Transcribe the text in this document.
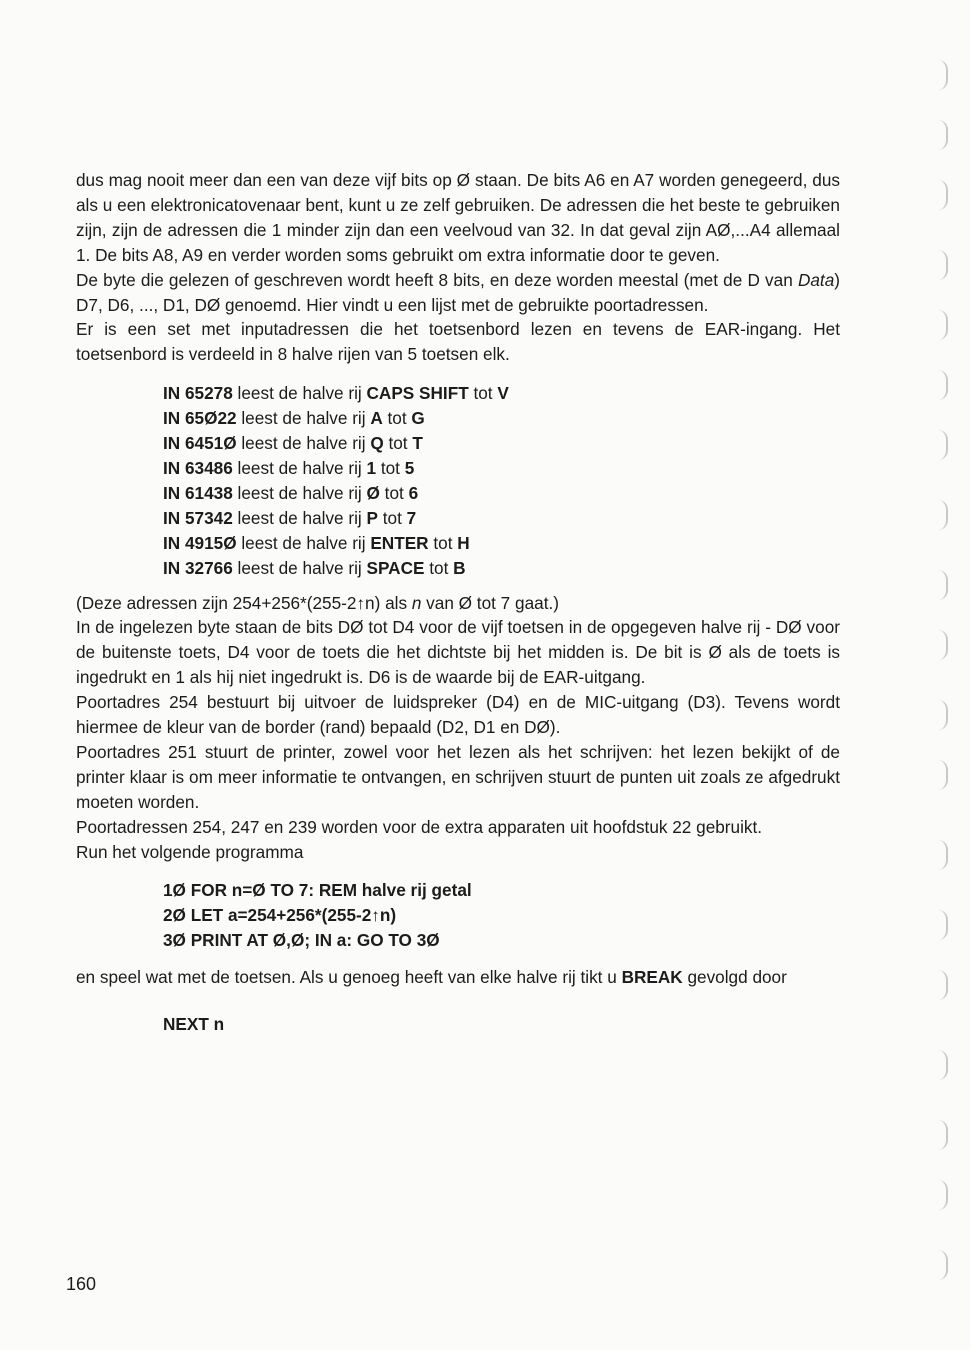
dus mag nooit meer dan een van deze vijf bits op Ø staan. De bits A6 en A7 worden genegeerd, dus als u een elektronicatovenaar bent, kunt u ze zelf gebruiken. De adressen die het beste te gebruiken zijn, zijn de adressen die 1 minder zijn dan een veelvoud van 32. In dat geval zijn AØ,...A4 allemaal 1. De bits A8, A9 en verder worden soms gebruikt om extra informatie door te geven.

De byte die gelezen of geschreven wordt heeft 8 bits, en deze worden meestal (met de D van Data) D7, D6, ..., D1, DØ genoemd. Hier vindt u een lijst met de gebruikte poortadressen.

Er is een set met inputadressen die het toetsenbord lezen en tevens de EAR-ingang. Het toetsenbord is verdeeld in 8 halve rijen van 5 toetsen elk.

IN 65278 leest de halve rij CAPS SHIFT tot V
IN 65Ø22 leest de halve rij A tot G
IN 6451Ø leest de halve rij Q tot T
IN 63486 leest de halve rij 1 tot 5
IN 61438 leest de halve rij Ø tot 6
IN 57342 leest de halve rij P tot 7
IN 4915Ø leest de halve rij ENTER tot H
IN 32766 leest de halve rij SPACE tot B

(Deze adressen zijn 254+256*(255-2↑n) als n van Ø tot 7 gaat.)

In de ingelezen byte staan de bits DØ tot D4 voor de vijf toetsen in de opgegeven halve rij - DØ voor de buitenste toets, D4 voor de toets die het dichtste bij het midden is. De bit is Ø als de toets is ingedrukt en 1 als hij niet ingedrukt is. D6 is de waarde bij de EAR-uitgang.

Poortadres 254 bestuurt bij uitvoer de luidspreker (D4) en de MIC-uitgang (D3). Tevens wordt hiermee de kleur van de border (rand) bepaald (D2, D1 en DØ).

Poortadres 251 stuurt de printer, zowel voor het lezen als het schrijven: het lezen bekijkt of de printer klaar is om meer informatie te ontvangen, en schrijven stuurt de punten uit zoals ze afgedrukt moeten worden.

Poortadressen 254, 247 en 239 worden voor de extra apparaten uit hoofdstuk 22 gebruikt.

Run het volgende programma

1Ø FOR n=Ø TO 7: REM halve rij getal
2Ø LET a=254+256*(255-2↑n)
3Ø PRINT AT Ø,Ø; IN a: GO TO 3Ø

en speel wat met de toetsen. Als u genoeg heeft van elke halve rij tikt u BREAK gevolgd door

NEXT n
160
